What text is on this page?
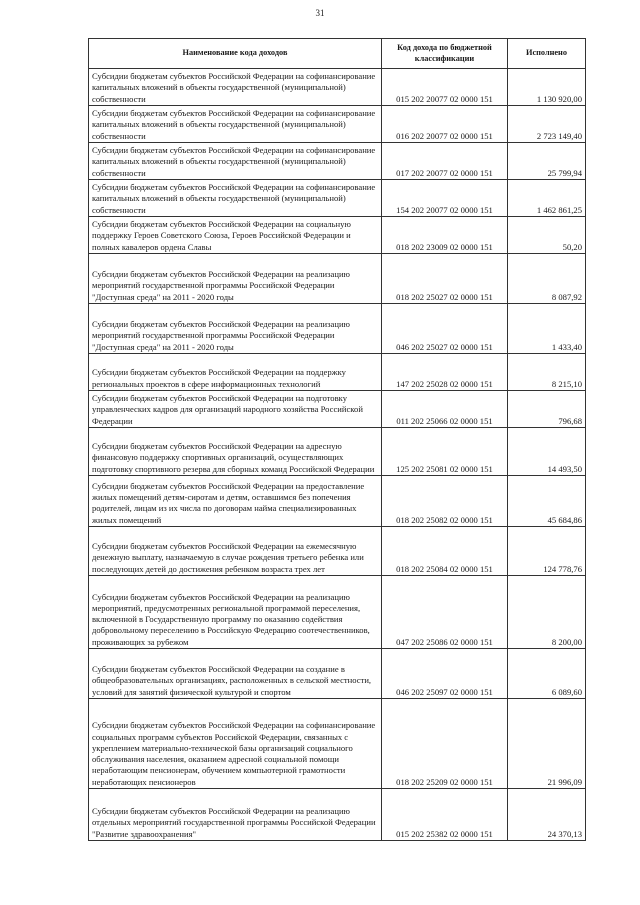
31
Наименование кода доходов	Код дохода по бюджетной классификации	Исполнено
Субсидии бюджетам субъектов Российской Федерации на софинансирование капитальных вложений в объекты государственной (муниципальной) собственности	015 202 20077 02 0000 151	1 130 920,00
Субсидии бюджетам субъектов Российской Федерации на софинансирование капитальных вложений в объекты государственной (муниципальной) собственности	016 202 20077 02 0000 151	2 723 149,40
Субсидии бюджетам субъектов Российской Федерации на софинансирование капитальных вложений в объекты государственной (муниципальной) собственности	017 202 20077 02 0000 151	25 799,94
Субсидии бюджетам субъектов Российской Федерации на софинансирование капитальных вложений в объекты государственной (муниципальной) собственности	154 202 20077 02 0000 151	1 462 861,25
Субсидии бюджетам субъектов Российской Федерации на социальную поддержку Героев Советского Союза, Героев Российской Федерации и полных кавалеров ордена Славы	018 202 23009 02 0000 151	50,20
Субсидии бюджетам субъектов Российской Федерации на реализацию мероприятий государственной программы Российской Федерации "Доступная среда" на 2011 - 2020 годы	018 202 25027 02 0000 151	8 087,92
Субсидии бюджетам субъектов Российской Федерации на реализацию мероприятий государственной программы Российской Федерации "Доступная среда" на 2011 - 2020 годы	046 202 25027 02 0000 151	1 433,40
Субсидии бюджетам субъектов Российской Федерации на поддержку региональных проектов в сфере информационных технологий	147 202 25028 02 0000 151	8 215,10
Субсидии бюджетам субъектов Российской Федерации на подготовку управленческих кадров для организаций народного хозяйства Российской Федерации	011 202 25066 02 0000 151	796,68
Субсидии бюджетам субъектов Российской Федерации на адресную финансовую поддержку спортивных организаций, осуществляющих подготовку спортивного резерва для сборных команд Российской Федерации	125 202 25081 02 0000 151	14 493,50
Субсидии бюджетам субъектов Российской Федерации на предоставление жилых помещений детям-сиротам и детям, оставшимся без попечения родителей, лицам из их числа по договорам найма специализированных жилых помещений	018 202 25082 02 0000 151	45 684,86
Субсидии бюджетам субъектов Российской Федерации на ежемесячную денежную выплату, назначаемую в случае рождения третьего ребенка или последующих детей до достижения ребенком возраста трех лет	018 202 25084 02 0000 151	124 778,76
Субсидии бюджетам субъектов Российской Федерации на реализацию мероприятий, предусмотренных региональной программой переселения, включенной в Государственную программу по оказанию содействия добровольному переселению в Российскую Федерацию соотечественников, проживающих за рубежом	047 202 25086 02 0000 151	8 200,00
Субсидии бюджетам субъектов Российской Федерации на создание в общеобразовательных организациях, расположенных в сельской местности, условий для занятий физической культурой и спортом	046 202 25097 02 0000 151	6 089,60
Субсидии бюджетам субъектов Российской Федерации на софинансирование социальных программ субъектов Российской Федерации, связанных с укреплением материально-технической базы организаций социального обслуживания населения, оказанием адресной социальной помощи неработающим пенсионерам, обучением компьютерной грамотности неработающих пенсионеров	018 202 25209 02 0000 151	21 996,09
Субсидии бюджетам субъектов Российской Федерации на реализацию отдельных мероприятий государственной программы Российской Федерации "Развитие здравоохранения"	015 202 25382 02 0000 151	24 370,13
